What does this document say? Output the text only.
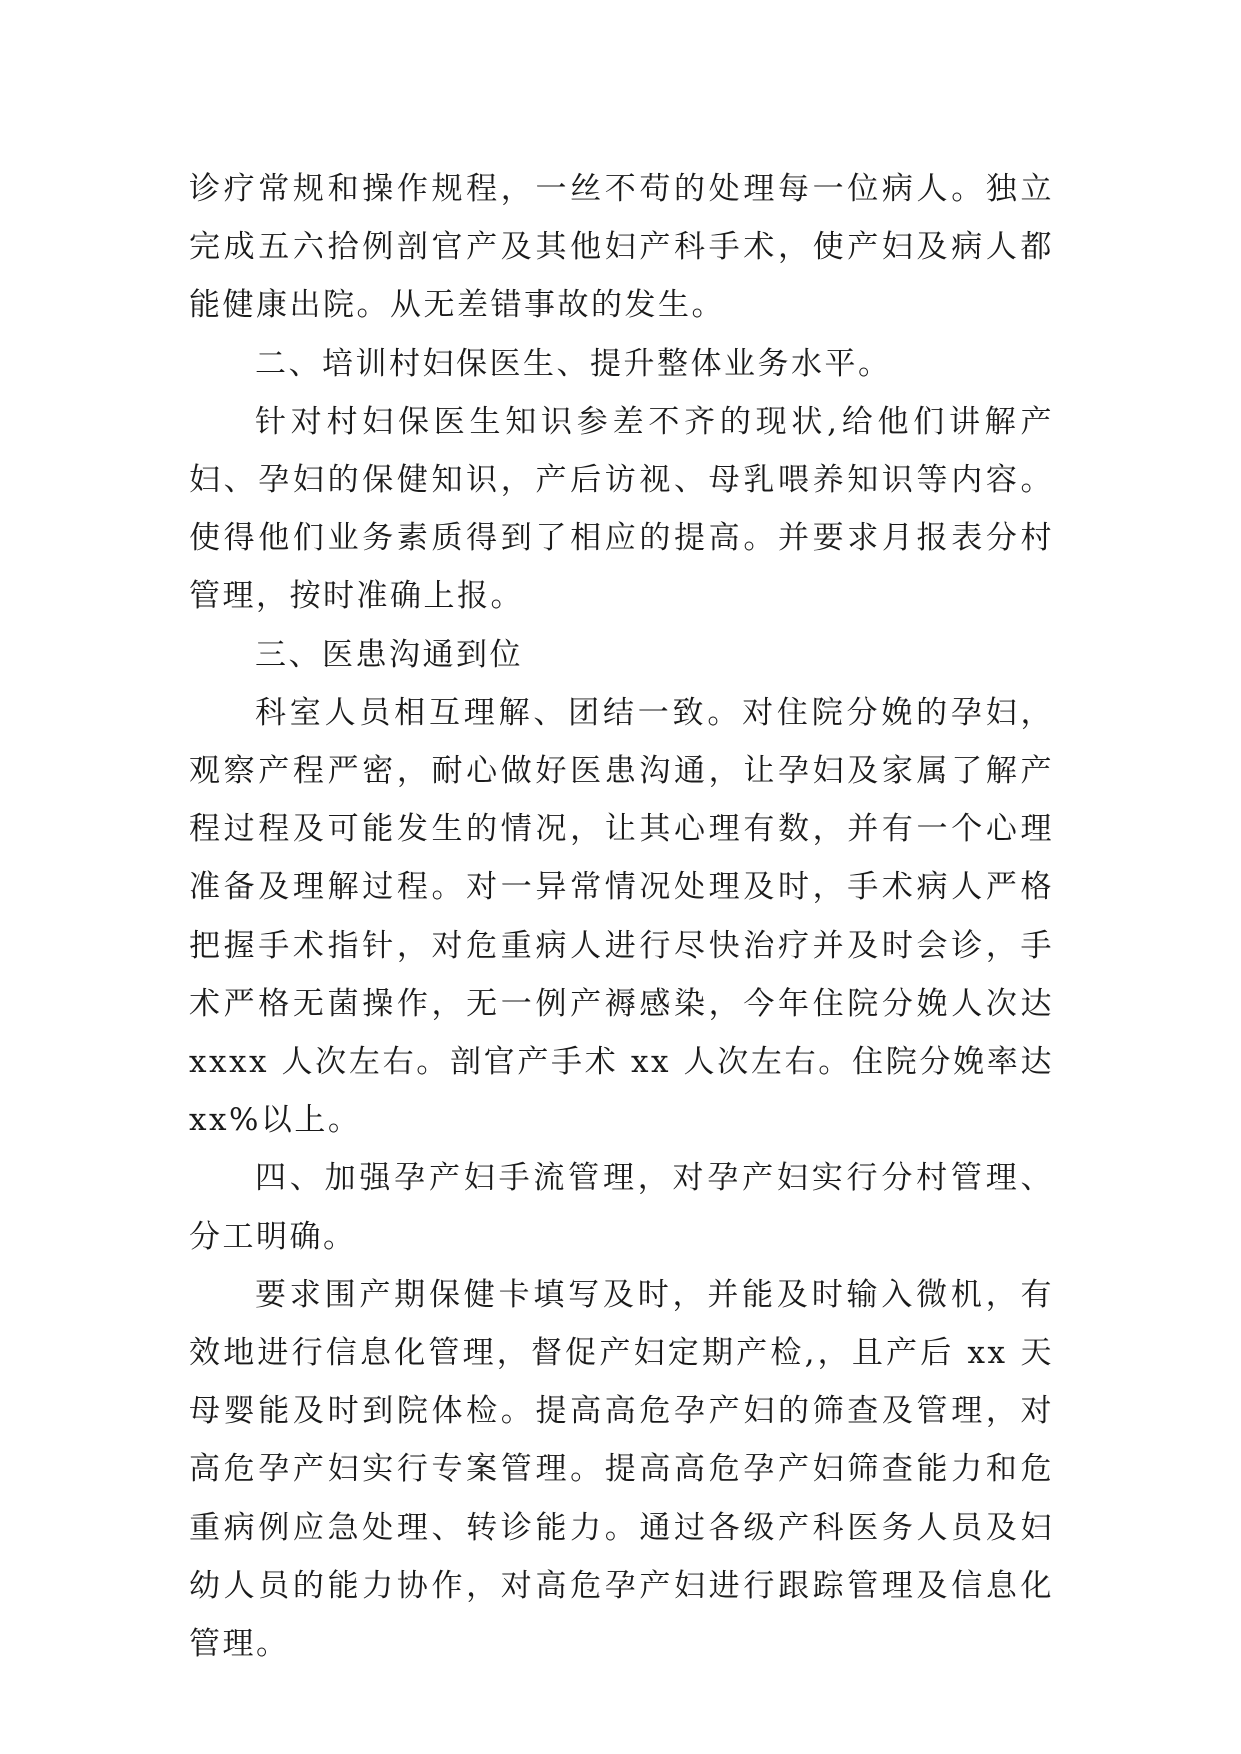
诊疗常规和操作规程，一丝不苟的处理每一位病人。独立完成五六拾例剖官产及其他妇产科手术，使产妇及病人都能健康出院。从无差错事故的发生。

二、培训村妇保医生、提升整体业务水平。

针对村妇保医生知识参差不齐的现状,给他们讲解产妇、孕妇的保健知识，产后访视、母乳喂养知识等内容。使得他们业务素质得到了相应的提高。并要求月报表分村管理，按时准确上报。

三、医患沟通到位

科室人员相互理解、团结一致。对住院分娩的孕妇，观察产程严密，耐心做好医患沟通，让孕妇及家属了解产程过程及可能发生的情况，让其心理有数，并有一个心理准备及理解过程。对一异常情况处理及时，手术病人严格把握手术指针，对危重病人进行尽快治疗并及时会诊，手术严格无菌操作，无一例产褥感染，今年住院分娩人次达 xxxx 人次左右。剖官产手术 xx 人次左右。住院分娩率达 xx%以上。

四、加强孕产妇手流管理，对孕产妇实行分村管理、分工明确。

要求围产期保健卡填写及时，并能及时输入微机，有效地进行信息化管理，督促产妇定期产检,，且产后 xx 天母婴能及时到院体检。提高高危孕产妇的筛查及管理，对高危孕产妇实行专案管理。提高高危孕产妇筛查能力和危重病例应急处理、转诊能力。通过各级产科医务人员及妇幼人员的能力协作，对高危孕产妇进行跟踪管理及信息化管理。
